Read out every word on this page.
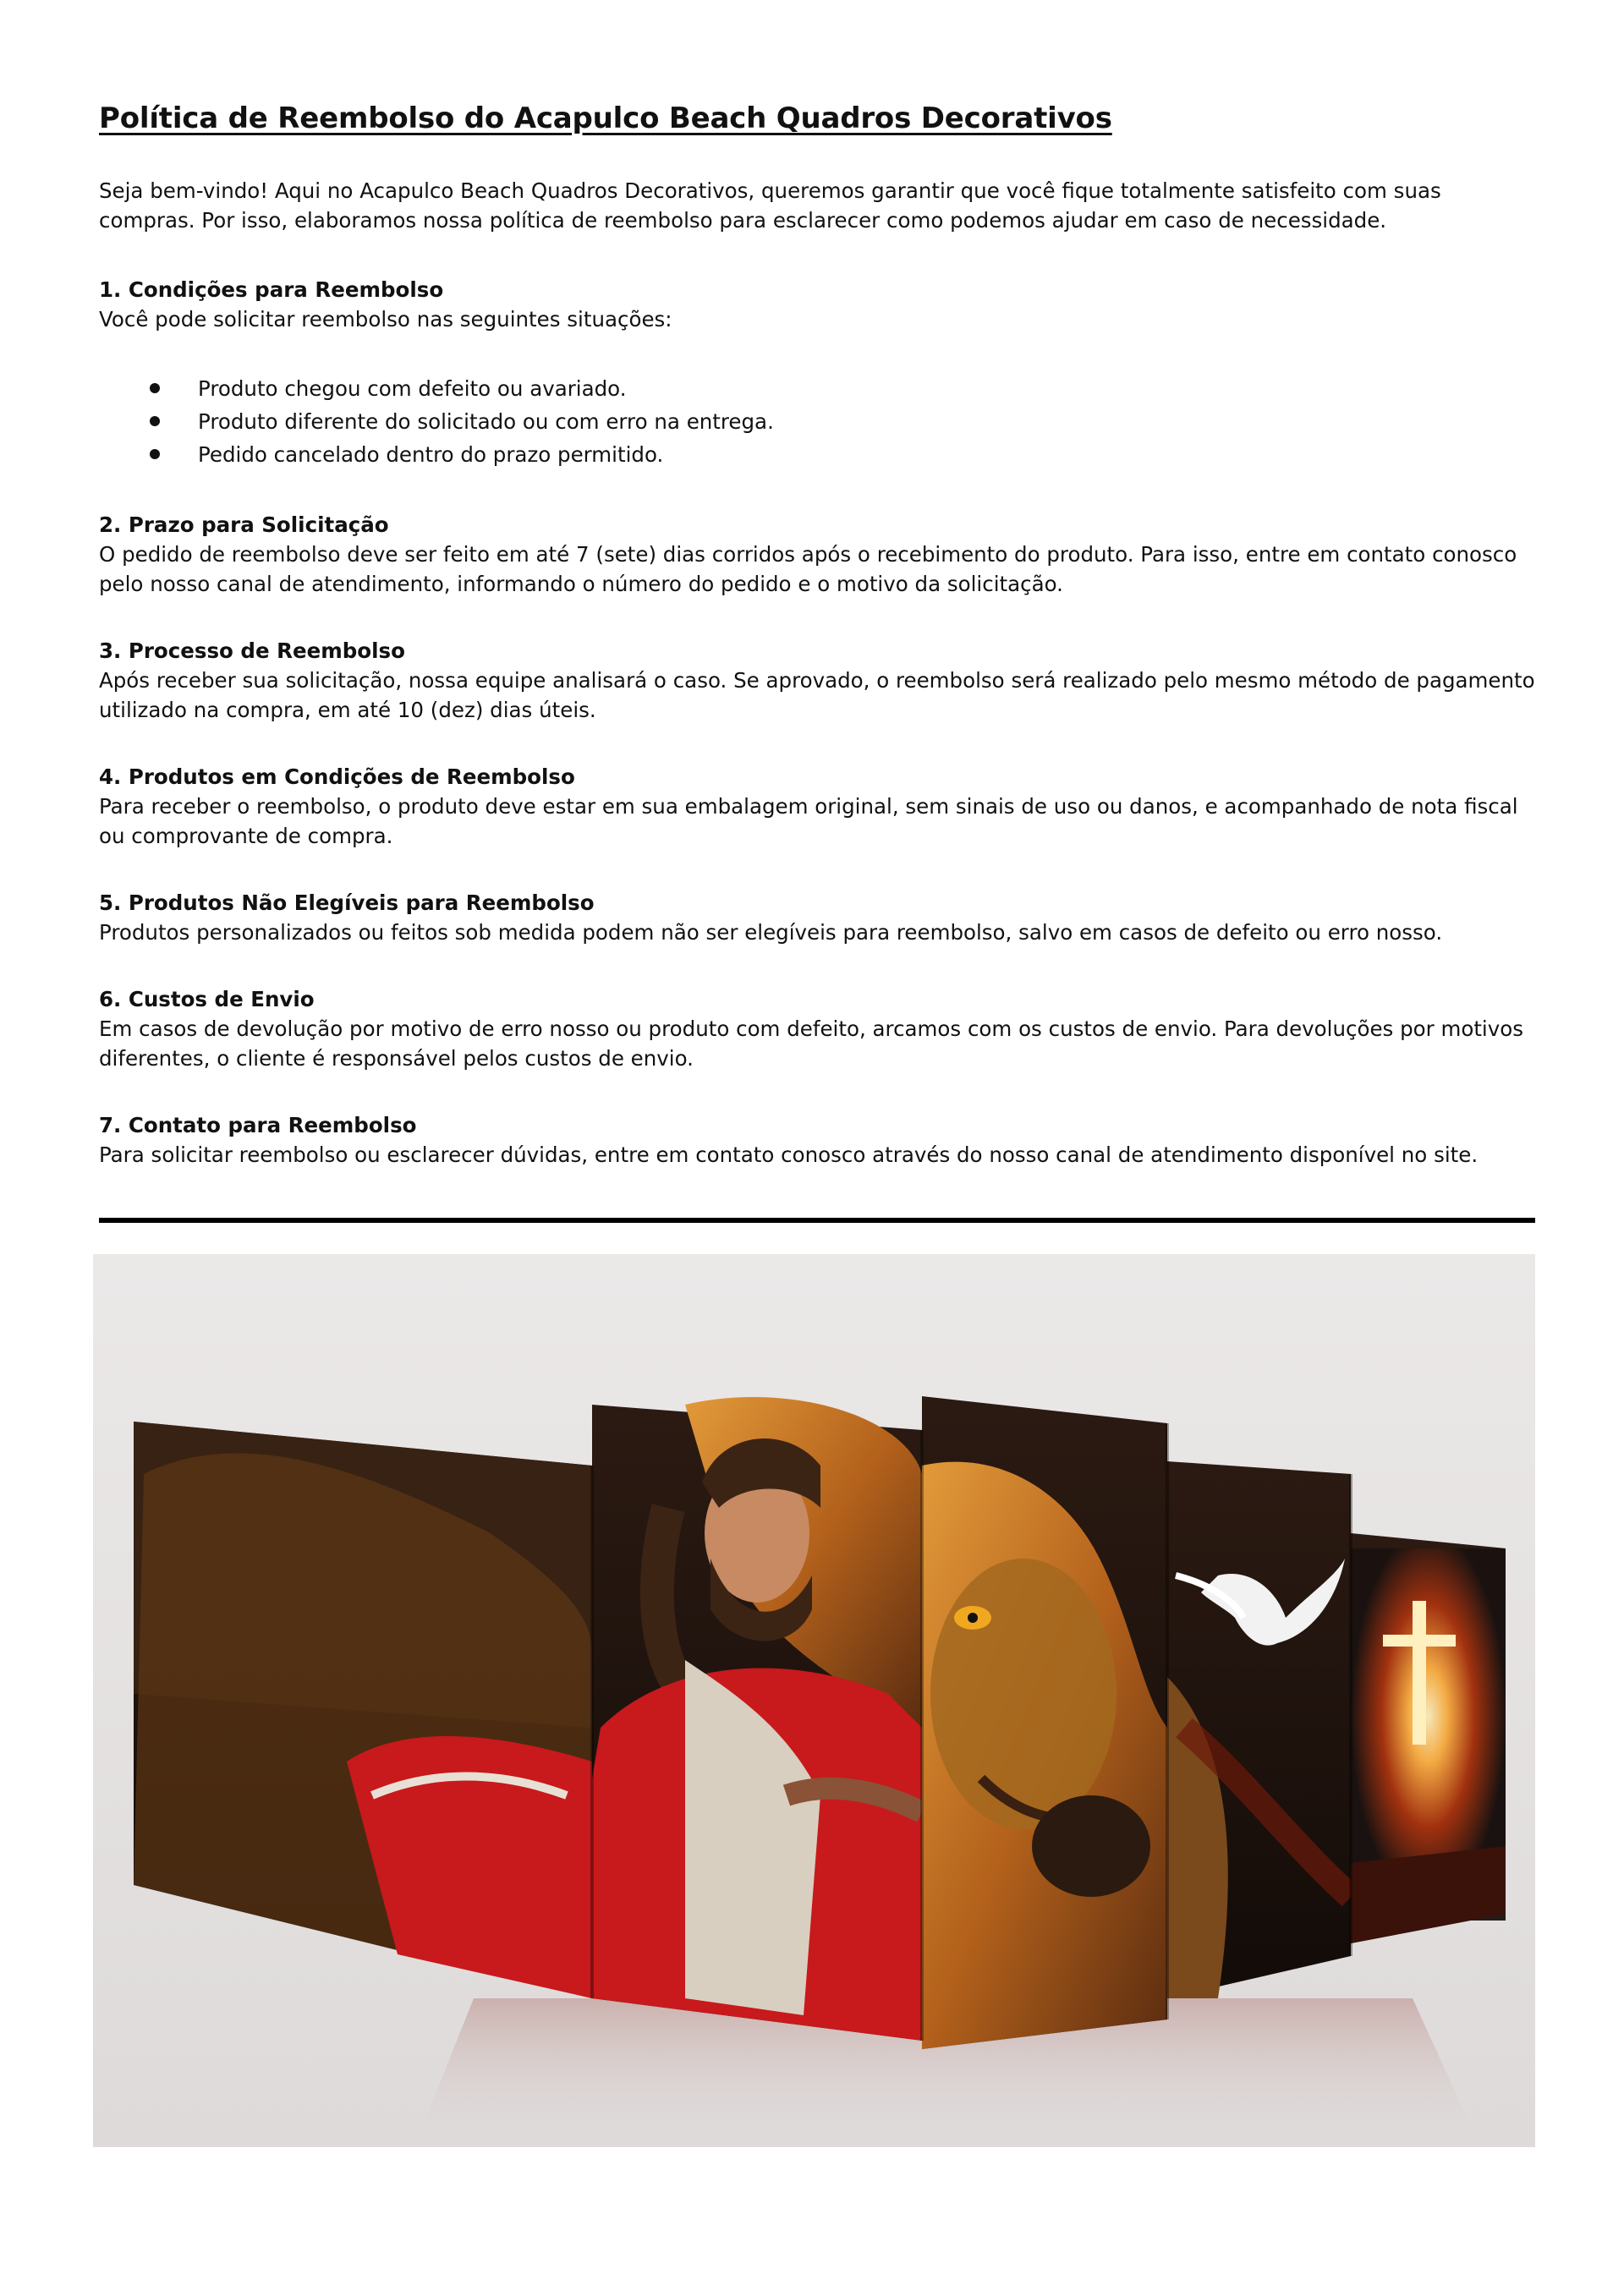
Política de Reembolso do Acapulco Beach Quadros Decorativos

Seja bem-vindo! Aqui no Acapulco Beach Quadros Decorativos, queremos garantir que você fique totalmente satisfeito com suas compras. Por isso, elaboramos nossa política de reembolso para esclarecer como podemos ajudar em caso de necessidade.

1. Condições para Reembolso

Você pode solicitar reembolso nas seguintes situações:

Produto chegou com defeito ou avariado.
Produto diferente do solicitado ou com erro na entrega.
Pedido cancelado dentro do prazo permitido.

2. Prazo para Solicitação

O pedido de reembolso deve ser feito em até 7 (sete) dias corridos após o recebimento do produto. Para isso, entre em contato conosco pelo nosso canal de atendimento, informando o número do pedido e o motivo da solicitação.

3. Processo de Reembolso

Após receber sua solicitação, nossa equipe analisará o caso. Se aprovado, o reembolso será realizado pelo mesmo método de pagamento utilizado na compra, em até 10 (dez) dias úteis.

4. Produtos em Condições de Reembolso

Para receber o reembolso, o produto deve estar em sua embalagem original, sem sinais de uso ou danos, e acompanhado de nota fiscal ou comprovante de compra.

5. Produtos Não Elegíveis para Reembolso

Produtos personalizados ou feitos sob medida podem não ser elegíveis para reembolso, salvo em casos de defeito ou erro nosso.

6. Custos de Envio

Em casos de devolução por motivo de erro nosso ou produto com defeito, arcamos com os custos de envio. Para devoluções por motivos diferentes, o cliente é responsável pelos custos de envio.

7. Contato para Reembolso

Para solicitar reembolso ou esclarecer dúvidas, entre em contato conosco através do nosso canal de atendimento disponível no site.
